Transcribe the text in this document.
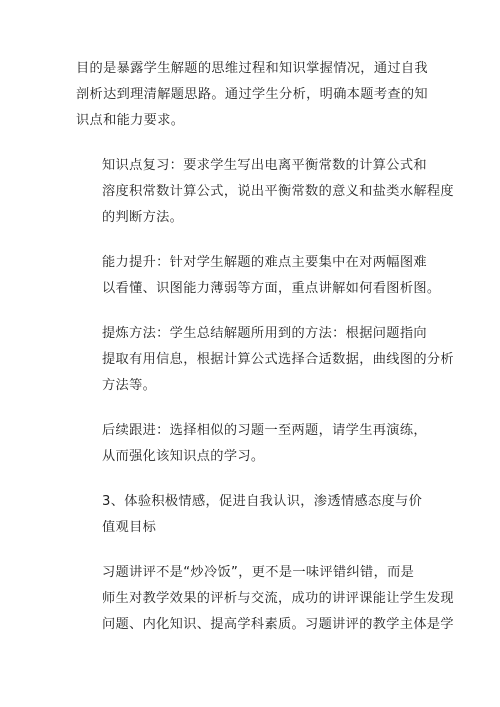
目的是暴露学生解题的思维过程和知识掌握情况，通过自我
剖析达到理清解题思路。通过学生分析，明确本题考查的知
识点和能力要求。

知识点复习：要求学生写出电离平衡常数的计算公式和
溶度积常数计算公式，说出平衡常数的意义和盐类水解程度
的判断方法。

能力提升：针对学生解题的难点主要集中在对两幅图难
以看懂、识图能力薄弱等方面，重点讲解如何看图析图。

提炼方法：学生总结解题所用到的方法：根据问题指向
提取有用信息，根据计算公式选择合适数据，曲线图的分析
方法等。

后续跟进：选择相似的习题一至两题，请学生再演练，
从而强化该知识点的学习。

3、体验积极情感，促进自我认识，渗透情感态度与价
值观目标

习题讲评不是“炒冷饭”，更不是一味评错纠错，而是
师生对教学效果的评析与交流，成功的讲评课能让学生发现
问题、内化知识、提高学科素质。习题讲评的教学主体是学
